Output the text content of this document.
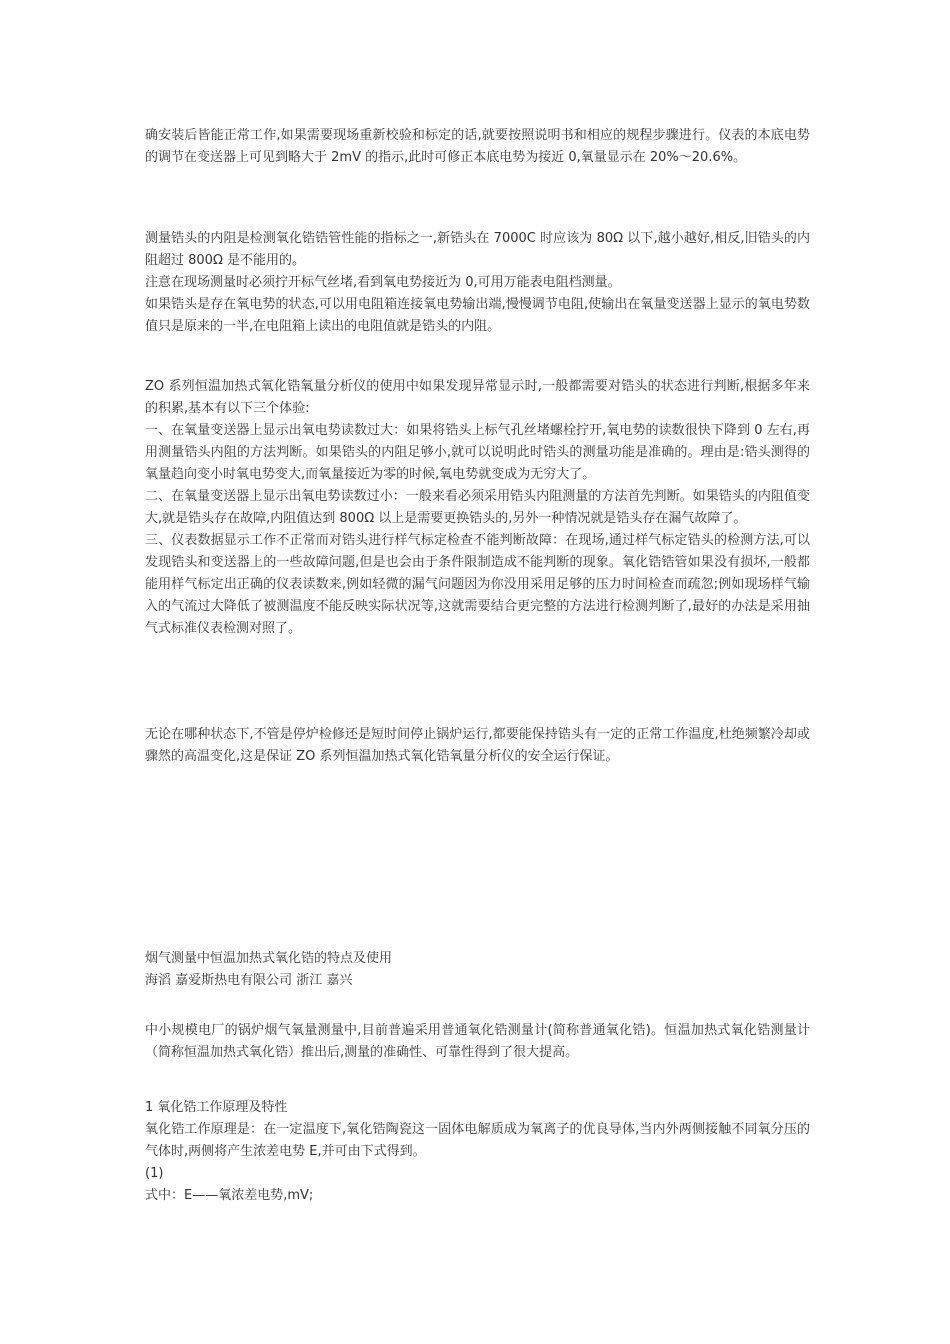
确安装后皆能正常工作,如果需要现场重新校验和标定的话,就要按照说明书和相应的规程步骤进行。仪表的本底电势的调节在变送器上可见到略大于 2mV 的指示,此时可修正本底电势为接近 0,氧量显示在 20%～20.6%。

测量锆头的内阻是检测氧化锆锆管性能的指标之一,新锆头在 7000C 时应该为 80Ω 以下,越小越好,相反,旧锆头的内阻超过 800Ω 是不能用的。

注意在现场测量时必须拧开标气丝堵,看到氧电势接近为 0,可用万能表电阻档测量。

如果锆头是存在氧电势的状态,可以用电阻箱连接氧电势输出端,慢慢调节电阻,使输出在氧量变送器上显示的氧电势数值只是原来的一半,在电阻箱上读出的电阻值就是锆头的内阻。

ZO 系列恒温加热式氧化锆氧量分析仪的使用中如果发现异常显示时,一般都需要对锆头的状态进行判断,根据多年来的积累,基本有以下三个体验:

一、在氧量变送器上显示出氧电势读数过大：如果将锆头上标气孔丝堵螺栓拧开,氧电势的读数很快下降到 0 左右,再用测量锆头内阻的方法判断。如果锆头的内阻足够小,就可以说明此时锆头的测量功能是准确的。理由是:锆头测得的氧量趋向变小时氧电势变大,而氧量接近为零的时候,氧电势就变成为无穷大了。

二、在氧量变送器上显示出氧电势读数过小：一般来看必须采用锆头内阻测量的方法首先判断。如果锆头的内阻值变大,就是锆头存在故障,内阻值达到 800Ω 以上是需要更换锆头的,另外一种情况就是锆头存在漏气故障了。

三、仪表数据显示工作不正常而对锆头进行样气标定检查不能判断故障：在现场,通过样气标定锆头的检测方法,可以发现锆头和变送器上的一些故障问题,但是也会由于条件限制造成不能判断的现象。氧化锆锆管如果没有损坏,一般都能用样气标定出正确的仪表读数来,例如轻微的漏气问题因为你没用采用足够的压力时间检查而疏忽;例如现场样气输入的气流过大降低了被测温度不能反映实际状况等,这就需要结合更完整的方法进行检测判断了,最好的办法是采用抽气式标准仪表检测对照了。

无论在哪种状态下,不管是停炉检修还是短时间停止锅炉运行,都要能保持锆头有一定的正常工作温度,杜绝频繁冷却或骤然的高温变化,这是保证 ZO 系列恒温加热式氧化锆氧量分析仪的安全运行保证。

烟气测量中恒温加热式氧化锆的特点及使用

海滔 嘉爱斯热电有限公司 浙江 嘉兴

中小规模电厂的锅炉烟气氧量测量中,目前普遍采用普通氧化锆测量计(简称普通氧化锆)。恒温加热式氧化锆测量计（简称恒温加热式氧化锆）推出后,测量的准确性、可靠性得到了很大提高。

1 氧化锆工作原理及特性

氧化锆工作原理是：在一定温度下,氧化锆陶瓷这一固体电解质成为氧离子的优良导体,当内外两侧接触不同氧分压的气体时,两侧将产生浓差电势 E,并可由下式得到。

(1)

式中：E——氧浓差电势,mV;
